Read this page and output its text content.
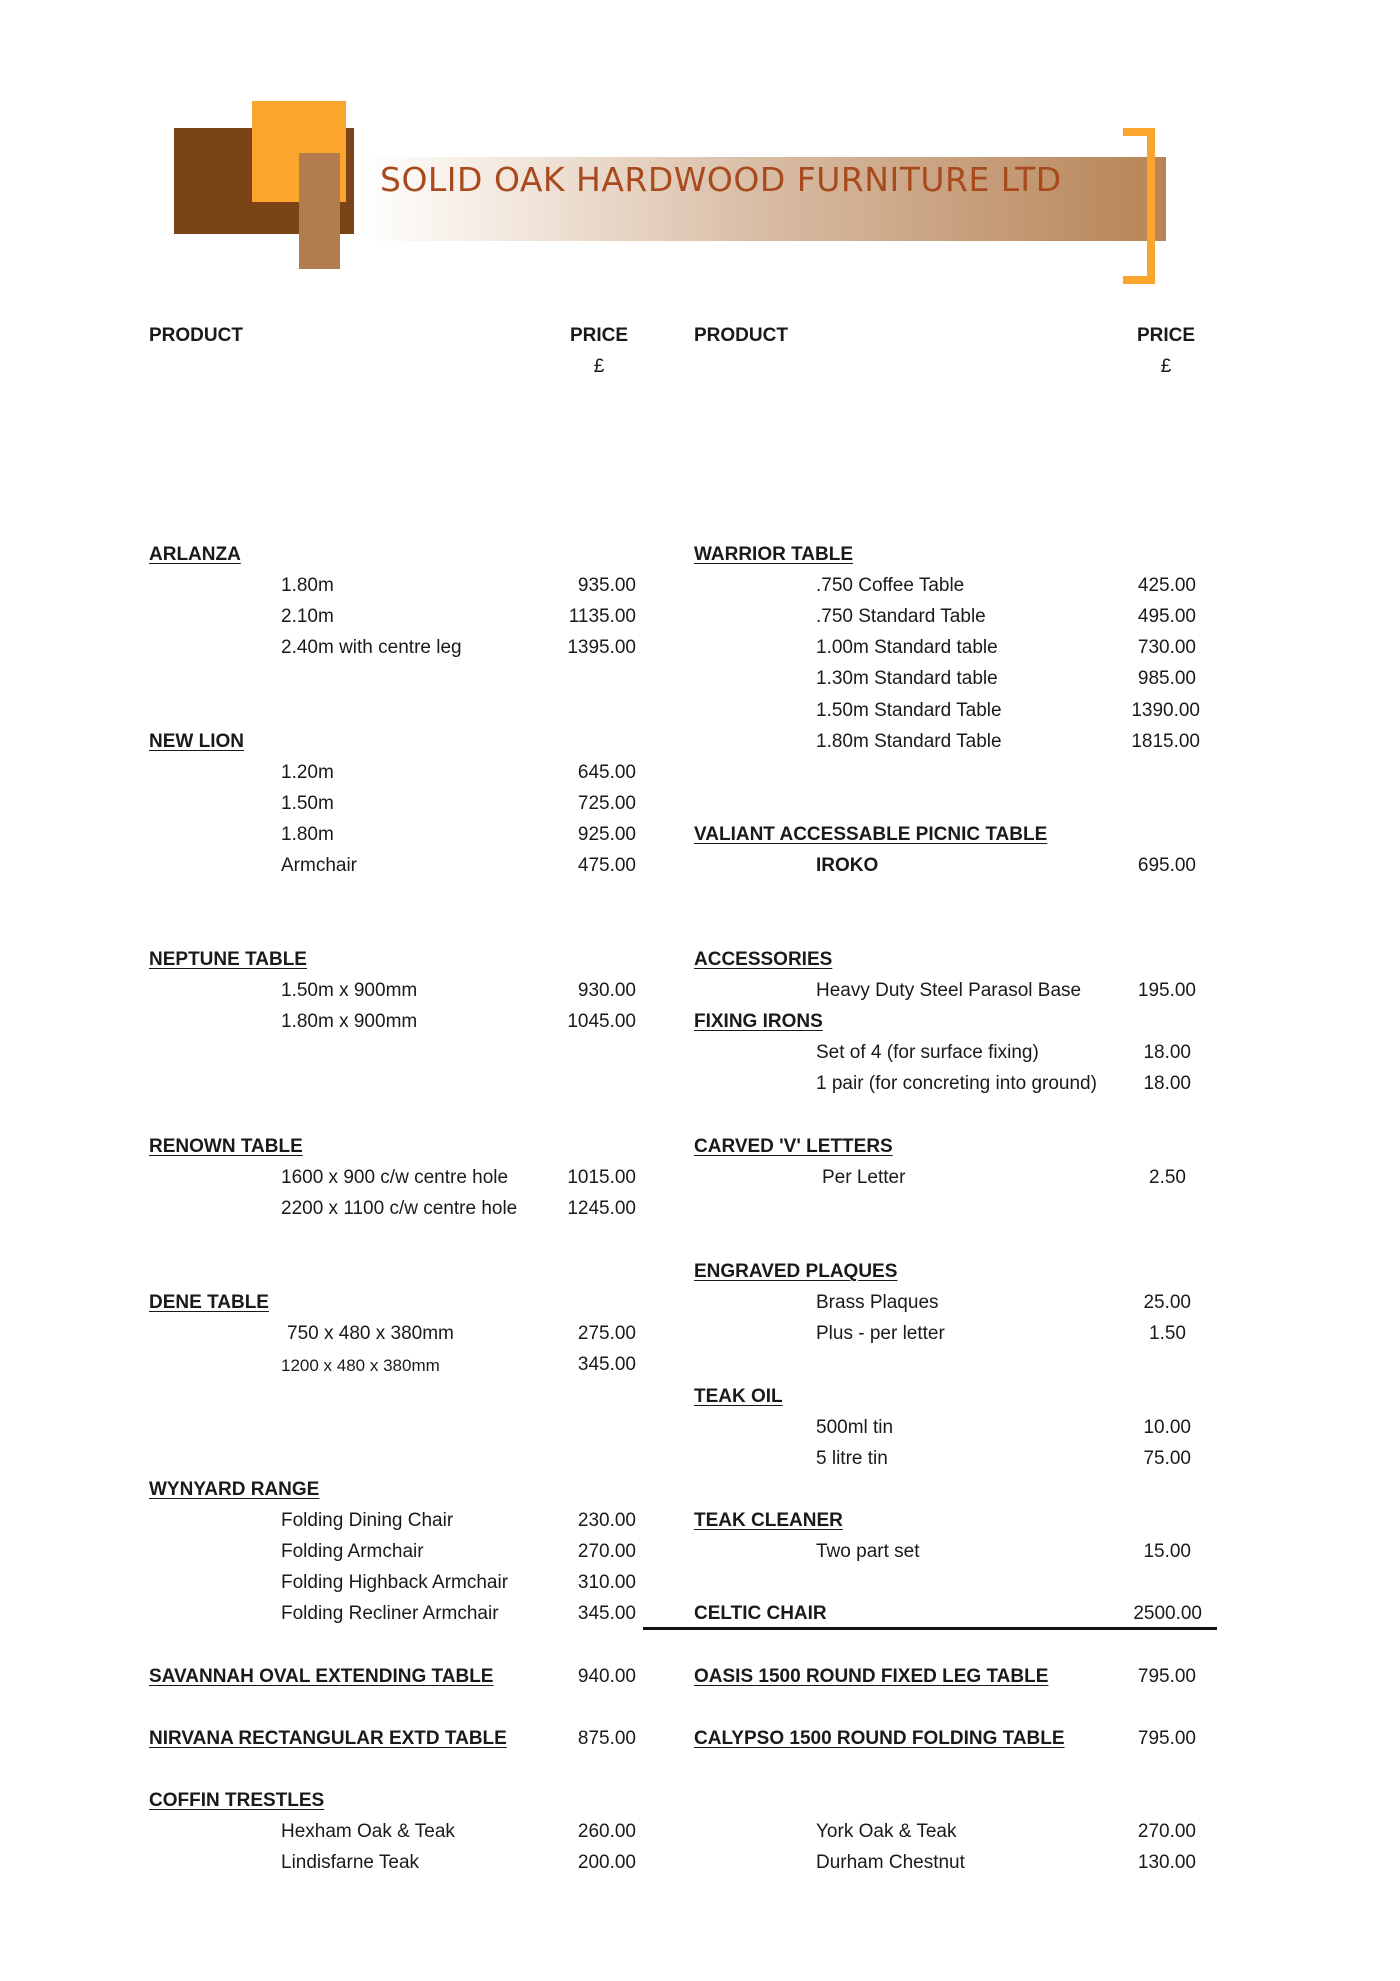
SOLID OAK HARDWOOD FURNITURE LTD
PRODUCT	PRICE
£
PRODUCT	PRICE
£
ARLANZA
1.80m	935.00
2.10m	1135.00
2.40m with centre leg	1395.00
NEW LION
1.20m	645.00
1.50m	725.00
1.80m	925.00
Armchair	475.00
NEPTUNE TABLE
1.50m x 900mm	930.00
1.80m x 900mm	1045.00
RENOWN TABLE
1600 x 900 c/w centre hole	1015.00
2200 x 1100 c/w centre hole	1245.00
DENE TABLE
750 x 480 x 380mm	275.00
1200 x 480 x 380mm	345.00
WYNYARD RANGE
Folding Dining Chair	230.00
Folding Armchair	270.00
Folding Highback Armchair	310.00
Folding Recliner Armchair	345.00
SAVANNAH OVAL EXTENDING TABLE	940.00
NIRVANA RECTANGULAR EXTD TABLE	875.00
COFFIN TRESTLES
Hexham Oak & Teak	260.00
Lindisfarne Teak	200.00
WARRIOR TABLE
.750 Coffee Table	425.00
.750 Standard Table	495.00
1.00m Standard table	730.00
1.30m Standard table	985.00
1.50m Standard Table	1390.00
1.80m Standard Table	1815.00
VALIANT ACCESSABLE PICNIC TABLE
IROKO	695.00
ACCESSORIES
Heavy Duty Steel Parasol Base	195.00
FIXING IRONS
Set of 4 (for surface fixing)	18.00
1 pair (for concreting into ground)	18.00
CARVED 'V' LETTERS
Per Letter	2.50
ENGRAVED PLAQUES
Brass Plaques	25.00
Plus - per letter	1.50
TEAK OIL
500ml tin	10.00
5 litre tin	75.00
TEAK CLEANER
Two part set	15.00
CELTIC CHAIR	2500.00
OASIS 1500 ROUND FIXED LEG TABLE	795.00
CALYPSO 1500 ROUND FOLDING TABLE	795.00
York Oak & Teak	270.00
Durham Chestnut	130.00
